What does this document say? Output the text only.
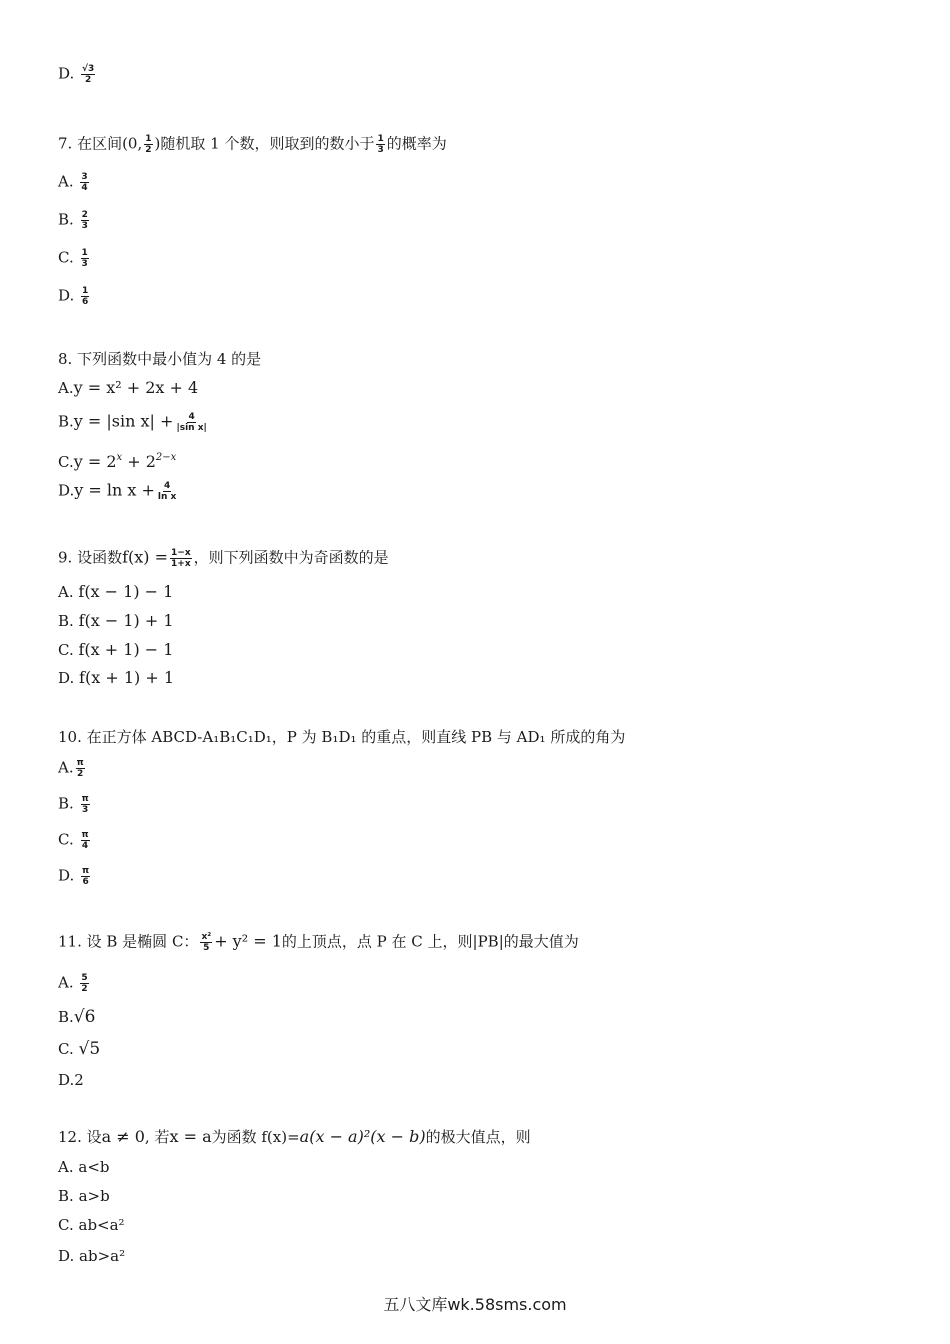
D. $\frac{√3}{2}$
7. 在区间(0, $\frac{1}{2}$ )随机取 1 个数，则取到的数小于 $\frac{1}{3}$ 的概率为
A. $\frac{3}{4}$
B. $\frac{2}{3}$
C. $\frac{1}{3}$
D. $\frac{1}{6}$
8. 下列函数中最小值为 4 的是
A.y = x² + 2x + 4
B.y = |sin $x| + \frac{4}{\text{|sin x|}}$
$C.y = 2^x + 2^{2-x}$
$D.y = \ln x + \frac{4}{\text{ln x}}$
9. 设函数$f(x) = \frac{1-x}{1+x}$ ，则下列函数中为奇函数的是
A. f(x − 1) − 1
B. f(x − 1) + 1
C. f(x + 1) − 1
D. f(x + 1) + 1
10. 在正方体 ABCD-A₁B₁C₁D₁，P 为 B₁D₁ 的重点，则直线 PB 与 AD₁ 所成的角为
A. $\frac{\pi}{2}$
B. $\frac{\pi}{3}$
C. $\frac{\pi}{4}$
D. $\frac{\pi}{6}$
11. 设 B 是椭圆 C： $\frac{\text{x²}}{5} + y^2 = 1$的上顶点，点 P 在 C 上，则|PB|的最大值为
A. $\frac{5}{2}$
B.√6
C. √5
D.2
12. 设a ≠ 0, 若x = a为函数 f(x)=a(x − a)²(x − b)的极大值点，则
A. a<b
B. a>b
C. ab<a²
D. ab>a²
五八文库wk.58sms.com
